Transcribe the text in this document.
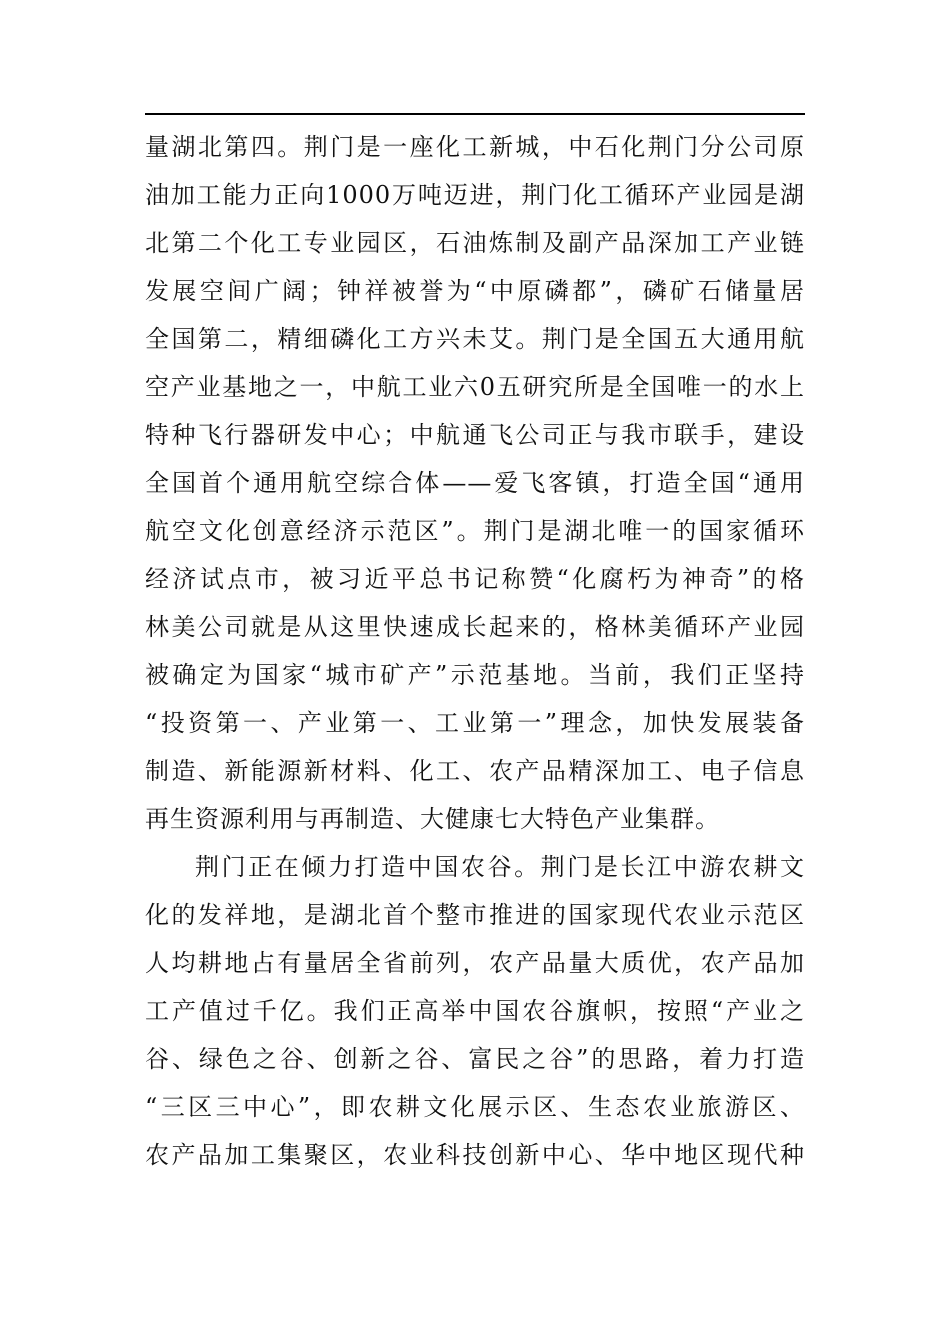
量湖北第四。荆门是一座化工新城，中石化荆门分公司原
油加工能力正向1000万吨迈进，荆门化工循环产业园是湖
北第二个化工专业园区，石油炼制及副产品深加工产业链
发展空间广阔；钟祥被誉为“中原磷都”，磷矿石储量居
全国第二，精细磷化工方兴未艾。荆门是全国五大通用航
空产业基地之一，中航工业六0五研究所是全国唯一的水上
特种飞行器研发中心；中航通飞公司正与我市联手，建设
全国首个通用航空综合体——爱飞客镇，打造全国“通用
航空文化创意经济示范区”。荆门是湖北唯一的国家循环
经济试点市，被习近平总书记称赞“化腐朽为神奇”的格
林美公司就是从这里快速成长起来的，格林美循环产业园
被确定为国家“城市矿产”示范基地。当前，我们正坚持
“投资第一、产业第一、工业第一”理念，加快发展装备
制造、新能源新材料、化工、农产品精深加工、电子信息
再生资源利用与再制造、大健康七大特色产业集群。
荆门正在倾力打造中国农谷。荆门是长江中游农耕文
化的发祥地，是湖北首个整市推进的国家现代农业示范区
人均耕地占有量居全省前列，农产品量大质优，农产品加
工产值过千亿。我们正高举中国农谷旗帜，按照“产业之
谷、绿色之谷、创新之谷、富民之谷”的思路，着力打造
“三区三中心”，即农耕文化展示区、生态农业旅游区、
农产品加工集聚区，农业科技创新中心、华中地区现代种
